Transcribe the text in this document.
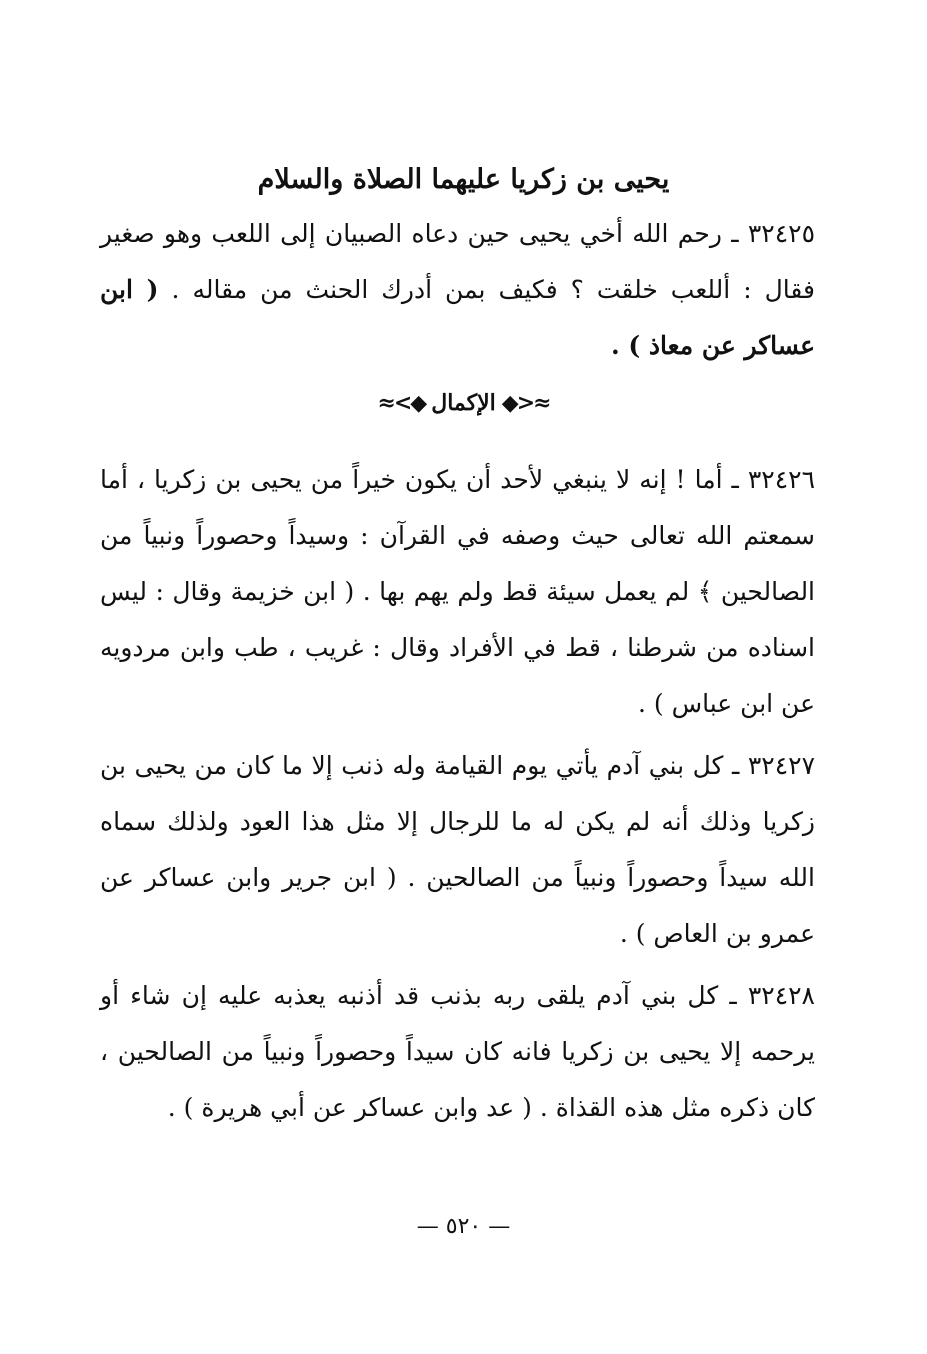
يحيى بن زكريا عليهما الصلاة والسلام

٣٢٤٢٥ ـ رحم الله أخي يحيى حين دعاه الصبيان إلى اللعب وهو صغير فقال : أللعب خلقت ؟ فكيف بمن أدرك الحنث من مقاله . ( ابن عساكر عن معاذ ) .

≈<◆
الإكمال
◆>≈

٣٢٤٢٦ ـ أما ! إنه لا ينبغي لأحد أن يكون خيراً من يحيى بن زكريا ، أما سمعتم الله تعالى حيث وصفه في القرآن : وسيداً وحصوراً ونبياً من الصالحين ﴾ لم يعمل سيئة قط ولم يهم بها . ( ابن خزيمة وقال : ليس اسناده من شرطنا ، قط في الأفراد وقال : غريب ، طب وابن مردويه عن ابن عباس ) .

٣٢٤٢٧ ـ كل بني آدم يأتي يوم القيامة وله ذنب إلا ما كان من يحيى بن زكريا وذلك أنه لم يكن له ما للرجال إلا مثل هذا العود ولذلك سماه الله سيداً وحصوراً ونبياً من الصالحين . ( ابن جرير وابن عساكر عن عمرو بن العاص ) .

٣٢٤٢٨ ـ كل بني آدم يلقى ربه بذنب قد أذنبه يعذبه عليه إن شاء أو يرحمه إلا يحيى بن زكريا فانه كان سيداً وحصوراً ونبياً من الصالحين ، كان ذكره مثل هذه القذاة . ( عد وابن عساكر عن أبي هريرة ) .

— ٥٢٠ —
